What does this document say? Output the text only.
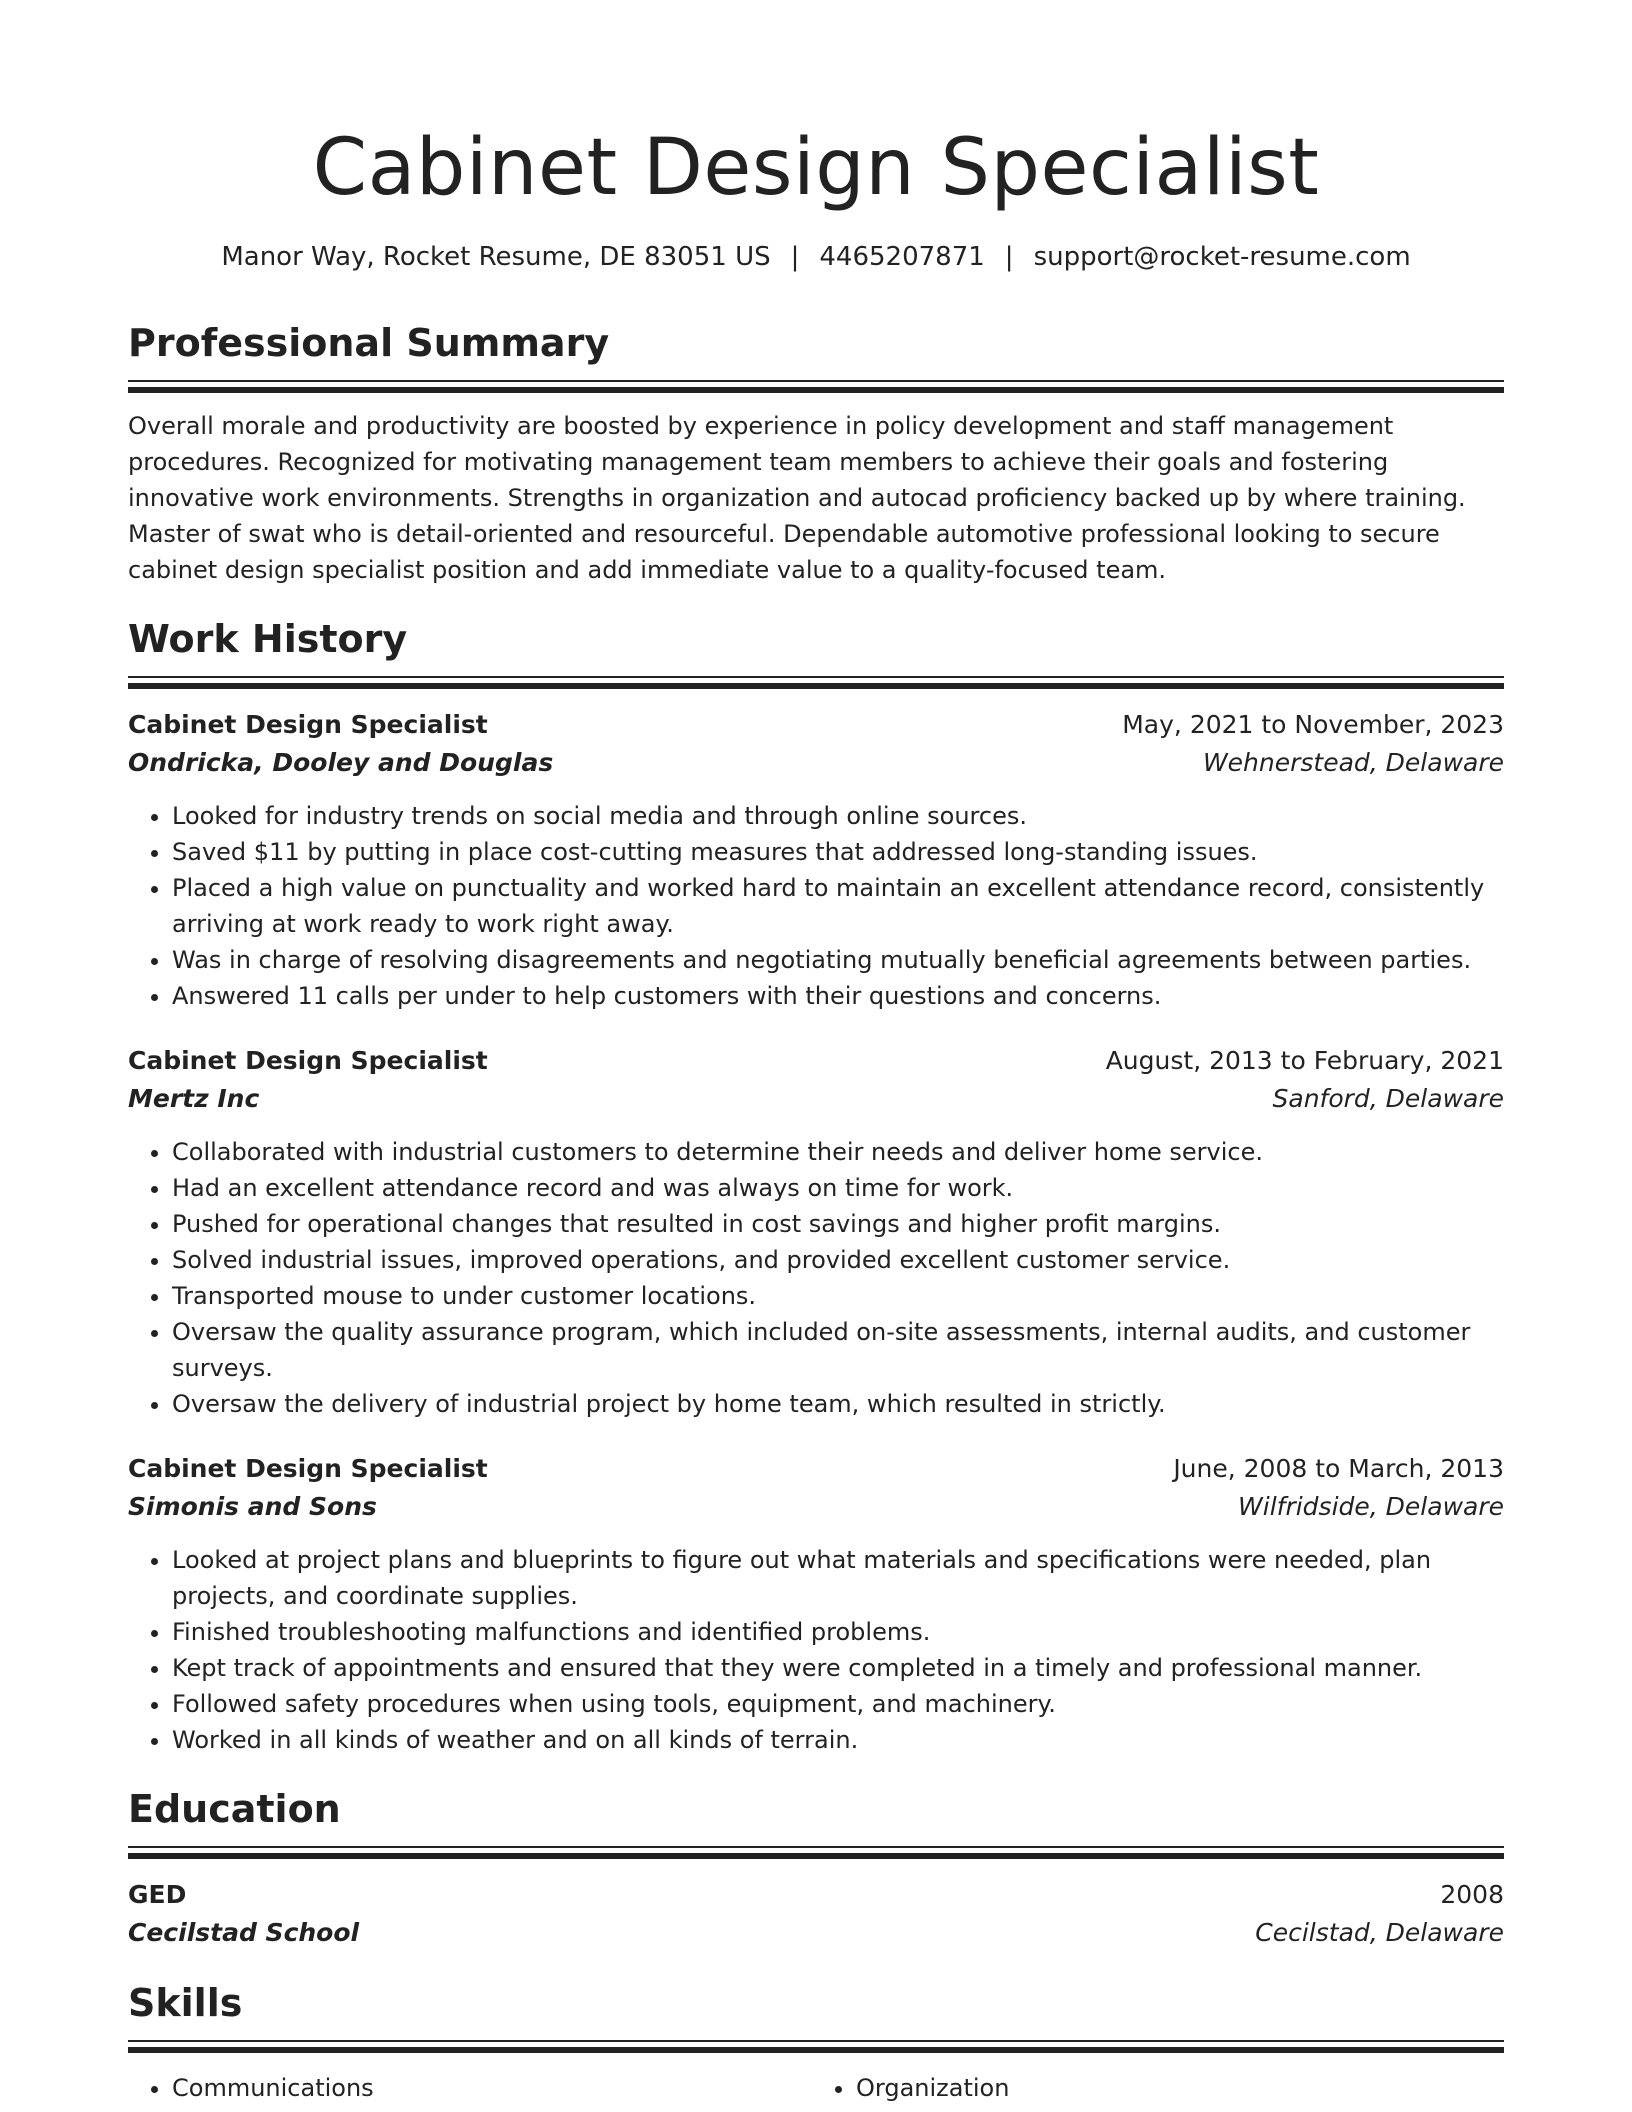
Cabinet Design Specialist
Manor Way, Rocket Resume, DE 83051 US | 4465207871 | support@rocket-resume.com
Professional Summary

Overall morale and productivity are boosted by experience in policy development and staff management procedures. Recognized for motivating management team members to achieve their goals and fostering innovative work environments. Strengths in organization and autocad proficiency backed up by where training. Master of swat who is detail-oriented and resourceful. Dependable automotive professional looking to secure cabinet design specialist position and add immediate value to a quality-focused team.

Work History
Cabinet Design Specialist	May, 2021 to November, 2023
Ondricka, Dooley and Douglas	Wehnerstead, Delaware
• Looked for industry trends on social media and through online sources.
• Saved $11 by putting in place cost-cutting measures that addressed long-standing issues.
• Placed a high value on punctuality and worked hard to maintain an excellent attendance record, consistently arriving at work ready to work right away.
• Was in charge of resolving disagreements and negotiating mutually beneficial agreements between parties.
• Answered 11 calls per under to help customers with their questions and concerns.
Cabinet Design Specialist	August, 2013 to February, 2021
Mertz Inc	Sanford, Delaware
• Collaborated with industrial customers to determine their needs and deliver home service.
• Had an excellent attendance record and was always on time for work.
• Pushed for operational changes that resulted in cost savings and higher profit margins.
• Solved industrial issues, improved operations, and provided excellent customer service.
• Transported mouse to under customer locations.
• Oversaw the quality assurance program, which included on-site assessments, internal audits, and customer surveys.
• Oversaw the delivery of industrial project by home team, which resulted in strictly.
Cabinet Design Specialist	June, 2008 to March, 2013
Simonis and Sons	Wilfridside, Delaware
• Looked at project plans and blueprints to figure out what materials and specifications were needed, plan projects, and coordinate supplies.
• Finished troubleshooting malfunctions and identified problems.
• Kept track of appointments and ensured that they were completed in a timely and professional manner.
• Followed safety procedures when using tools, equipment, and machinery.
• Worked in all kinds of weather and on all kinds of terrain.
Education
GED	2008
Cecilstad School	Cecilstad, Delaware
Skills
• Communications
•	Organization
